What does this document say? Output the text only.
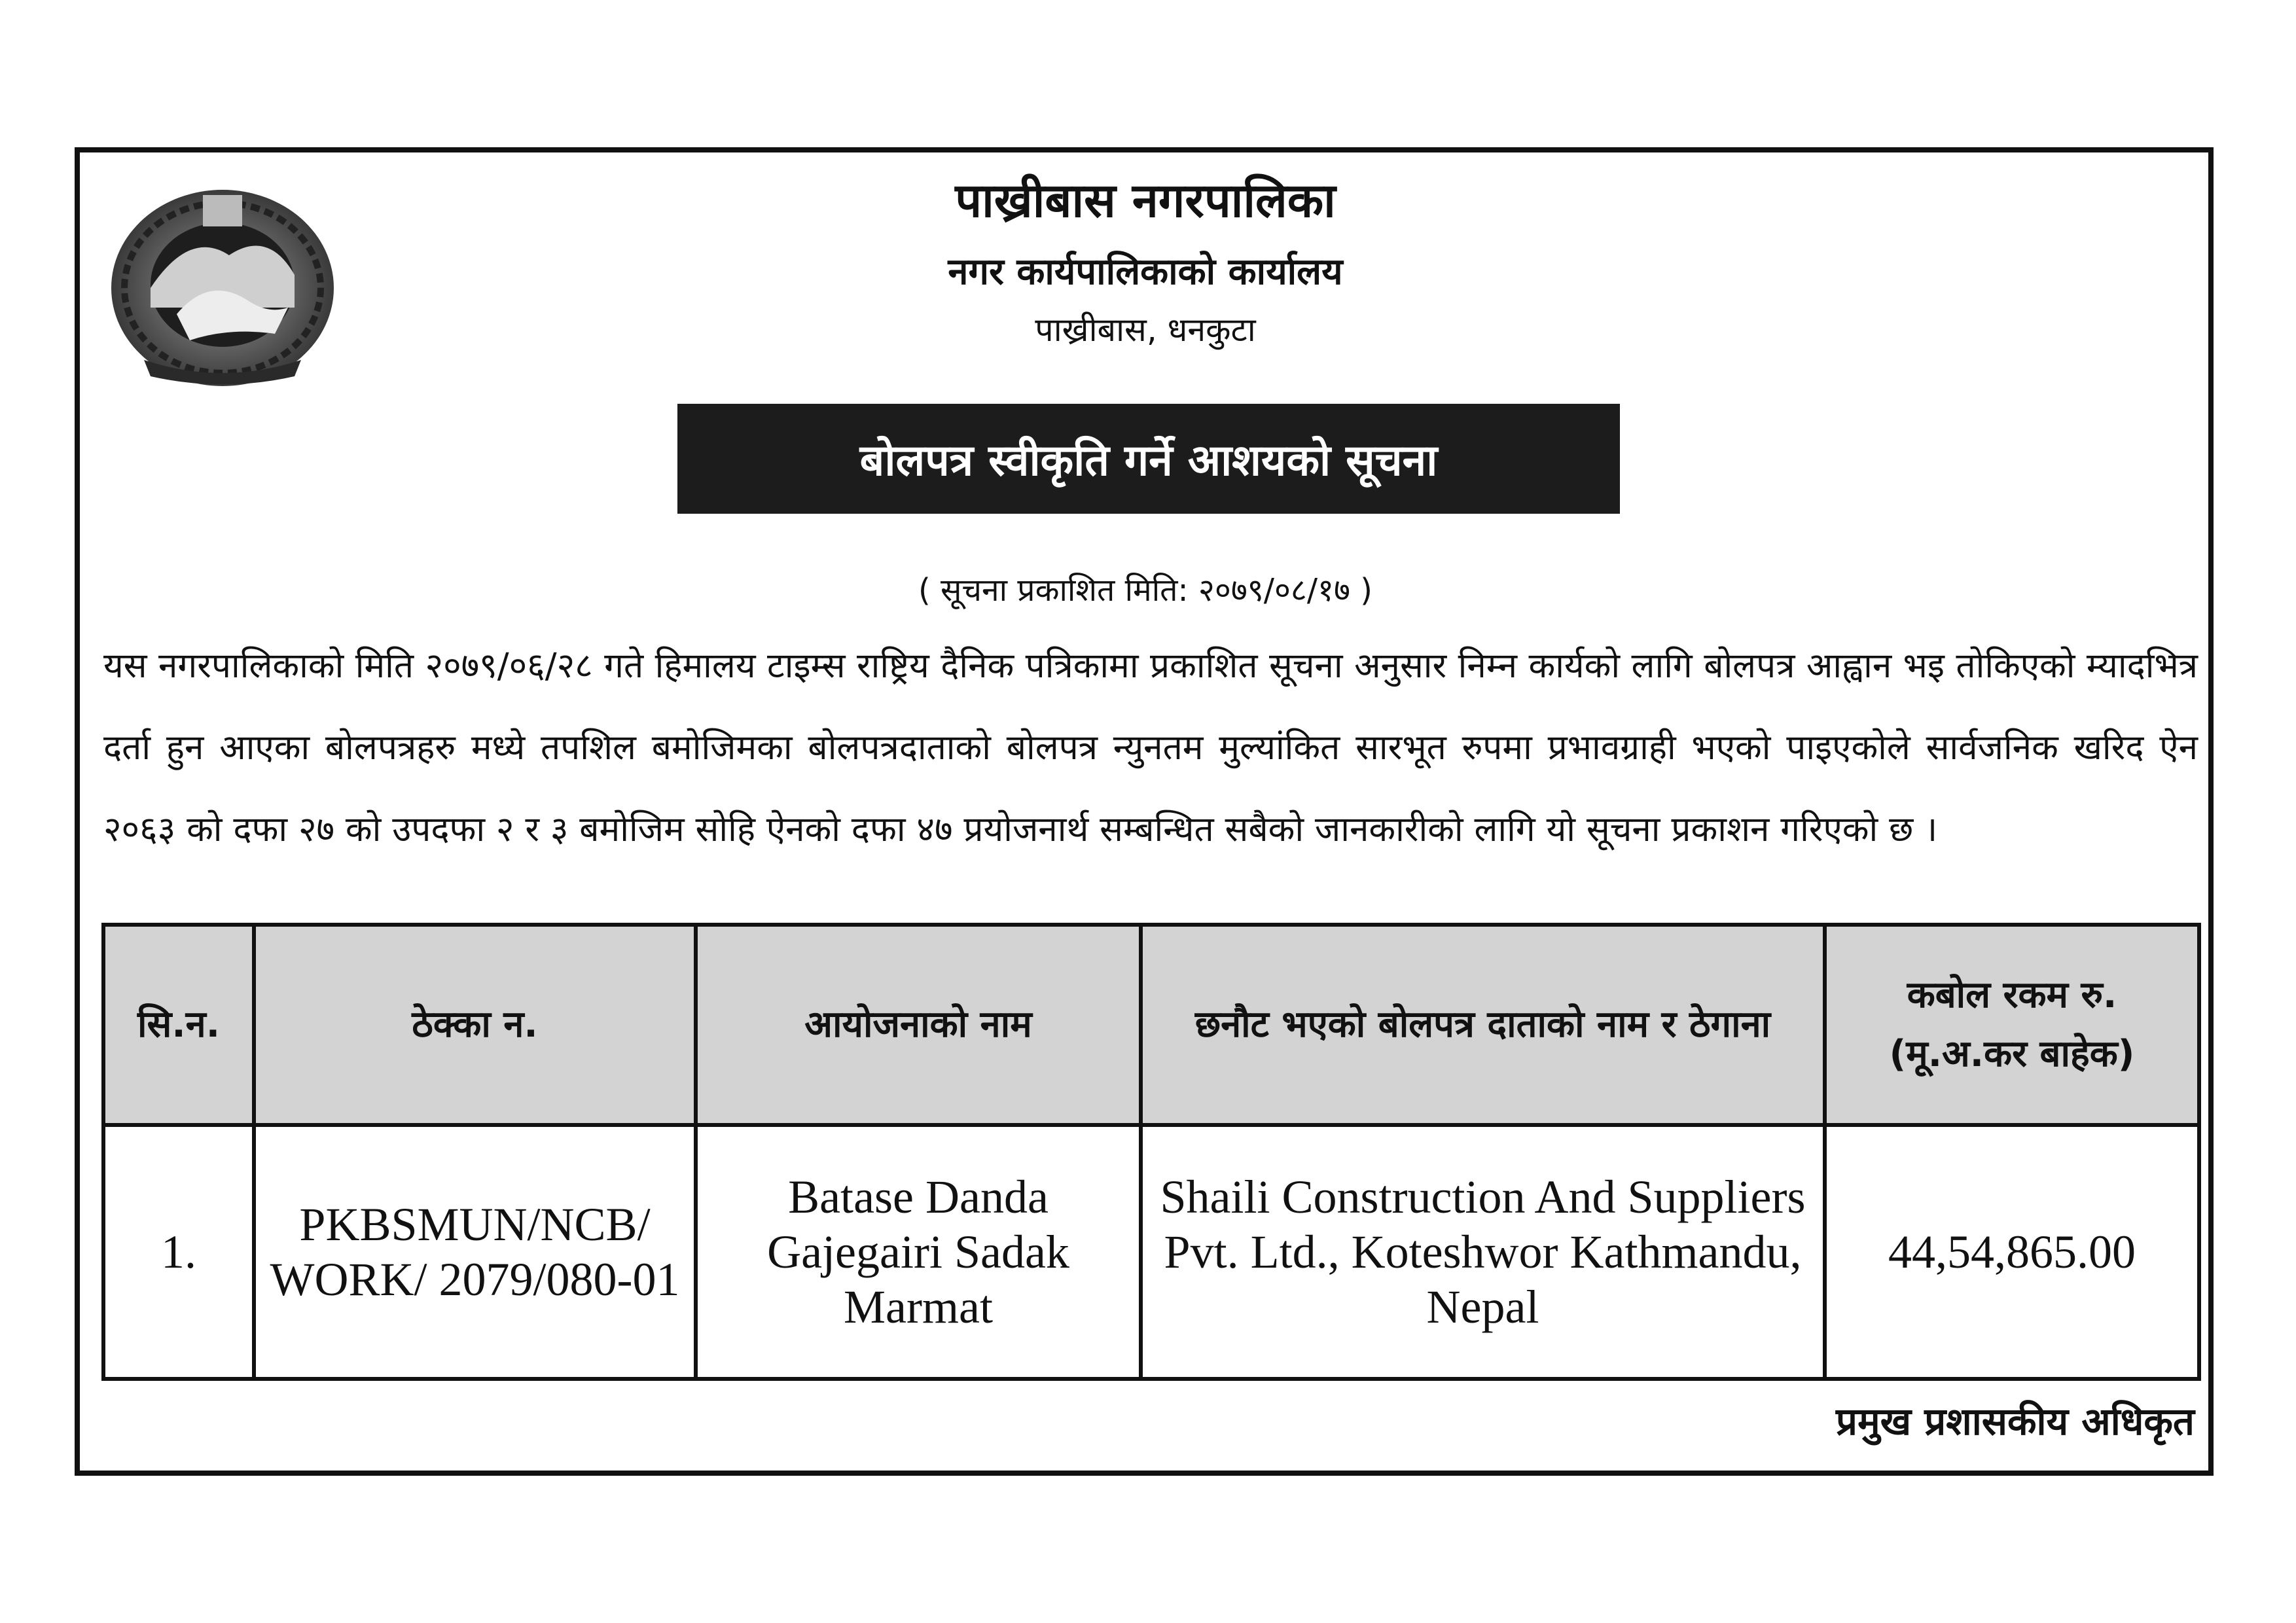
पाख्रीबास नगरपालिका
नगर कार्यपालिकाको कार्यालय
पाख्रीबास, धनकुटा
बोलपत्र स्वीकृति गर्ने आशयको सूचना
( सूचना प्रकाशित मिति: २०७९/०८/१७ )
यस नगरपालिकाको मिति २०७९/०६/२८ गते हिमालय टाइम्स राष्ट्रिय दैनिक पत्रिकामा प्रकाशित सूचना अनुसार निम्न कार्यको लागि बोलपत्र आह्वान भइ तोकिएको म्यादभित्र दर्ता हुन आएका बोलपत्रहरु मध्ये तपशिल बमोजिमका बोलपत्रदाताको बोलपत्र न्युनतम मुल्यांकित सारभूत रुपमा प्रभावग्राही भएको पाइएकोले सार्वजनिक खरिद ऐन २०६३ को दफा २७ को उपदफा २ र ३ बमोजिम सोहि ऐनको दफा ४७ प्रयोजनार्थ सम्बन्धित सबैको जानकारीको लागि यो सूचना प्रकाशन गरिएको छ ।
सि.न.	ठेक्का न.	आयोजनाको नाम	छनौट भएको बोलपत्र दाताको नाम र ठेगाना	कबोल रकम रु. (मू.अ.कर बाहेक)
1.	PKBSMUN/NCB/ WORK/ 2079/080-01	Batase Danda Gajegairi Sadak Marmat	Shaili Construction And Suppliers Pvt. Ltd., Koteshwor Kathmandu, Nepal	44,54,865.00
प्रमुख प्रशासकीय अधिकृत
